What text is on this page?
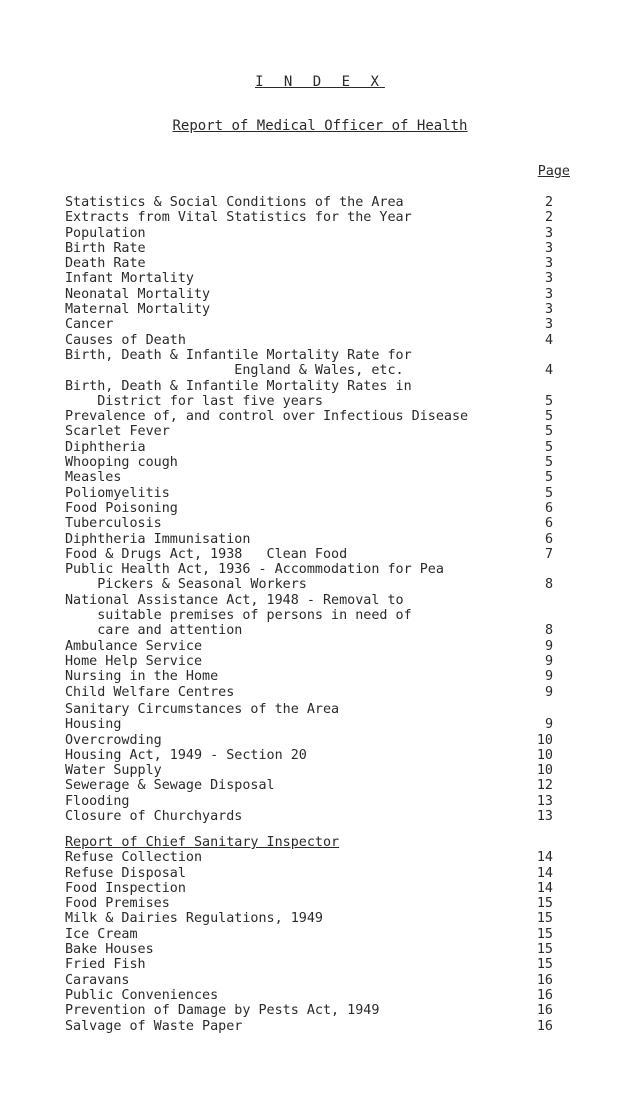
I N D E X
Report of Medical Officer of Health
Page
Statistics & Social Conditions of the Area	2
Extracts from Vital Statistics for the Year	2
Population	3
Birth Rate	3
Death Rate	3
Infant Mortality	3
Neonatal Mortality	3
Maternal Mortality	3
Cancer	3
Causes of Death	4
Birth, Death & Infantile Mortality Rate for
England & Wales, etc.	4
Birth, Death & Infantile Mortality Rates in
District for last five years	5
Prevalence of, and control over Infectious Disease	5
Scarlet Fever	5
Diphtheria	5
Whooping cough	5
Measles	5
Poliomyelitis	5
Food Poisoning	6
Tuberculosis	6
Diphtheria Immunisation	6
Food & Drugs Act, 1938   Clean Food	7
Public Health Act, 1936 - Accommodation for Pea
Pickers & Seasonal Workers	8
National Assistance Act, 1948 - Removal to
suitable premises of persons in need of
care and attention	8
Ambulance Service	9
Home Help Service	9
Nursing in the Home	9
Child Welfare Centres	9
Sanitary Circumstances of the Area
Housing	9
Overcrowding	10
Housing Act, 1949 - Section 20	10
Water Supply	10
Sewerage & Sewage Disposal	12
Flooding	13
Closure of Churchyards	13
Report of Chief Sanitary Inspector
Refuse Collection	14
Refuse Disposal	14
Food Inspection	14
Food Premises	15
Milk & Dairies Regulations, 1949	15
Ice Cream	15
Bake Houses	15
Fried Fish	15
Caravans	16
Public Conveniences	16
Prevention of Damage by Pests Act, 1949	16
Salvage of Waste Paper	16
